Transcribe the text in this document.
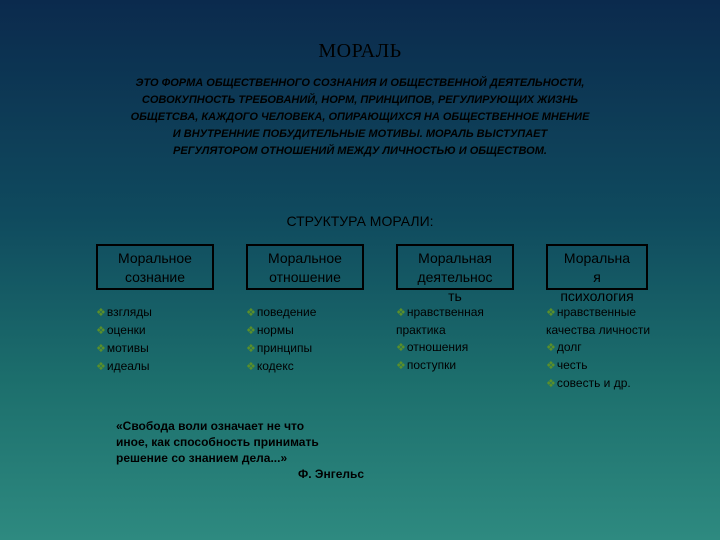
МОРАЛЬ
ЭТО ФОРМА ОБЩЕСТВЕННОГО СОЗНАНИЯ И ОБЩЕСТВЕННОЙ ДЕЯТЕЛЬНОСТИ,
СОВОКУПНОСТЬ ТРЕБОВАНИЙ, НОРМ, ПРИНЦИПОВ, РЕГУЛИРУЮЩИХ ЖИЗНЬ
ОБЩЕТСВА, КАЖДОГО ЧЕЛОВЕКА, ОПИРАЮЩИХСЯ НА ОБЩЕСТВЕННОЕ МНЕНИЕ
И ВНУТРЕННИЕ ПОБУДИТЕЛЬНЫЕ МОТИВЫ. МОРАЛЬ ВЫСТУПАЕТ
РЕГУЛЯТОРОМ ОТНОШЕНИЙ МЕЖДУ ЛИЧНОСТЬЮ И ОБЩЕСТВОМ.
СТРУКТУРА МОРАЛИ:
Моральное
сознание
❖взгляды
❖оценки
❖мотивы
❖идеалы
Моральное
отношение
❖поведение
❖нормы
❖принципы
❖кодекс
Моральная
деятельнос
ть
❖нравственная практика
❖отношения
❖поступки
Моральна
я
психология
❖нравственные качества личности
❖долг
❖честь
❖совесть и др.
«Свобода воли означает не что
иное, как способность принимать
решение со знанием дела...»
Ф. Энгельс
